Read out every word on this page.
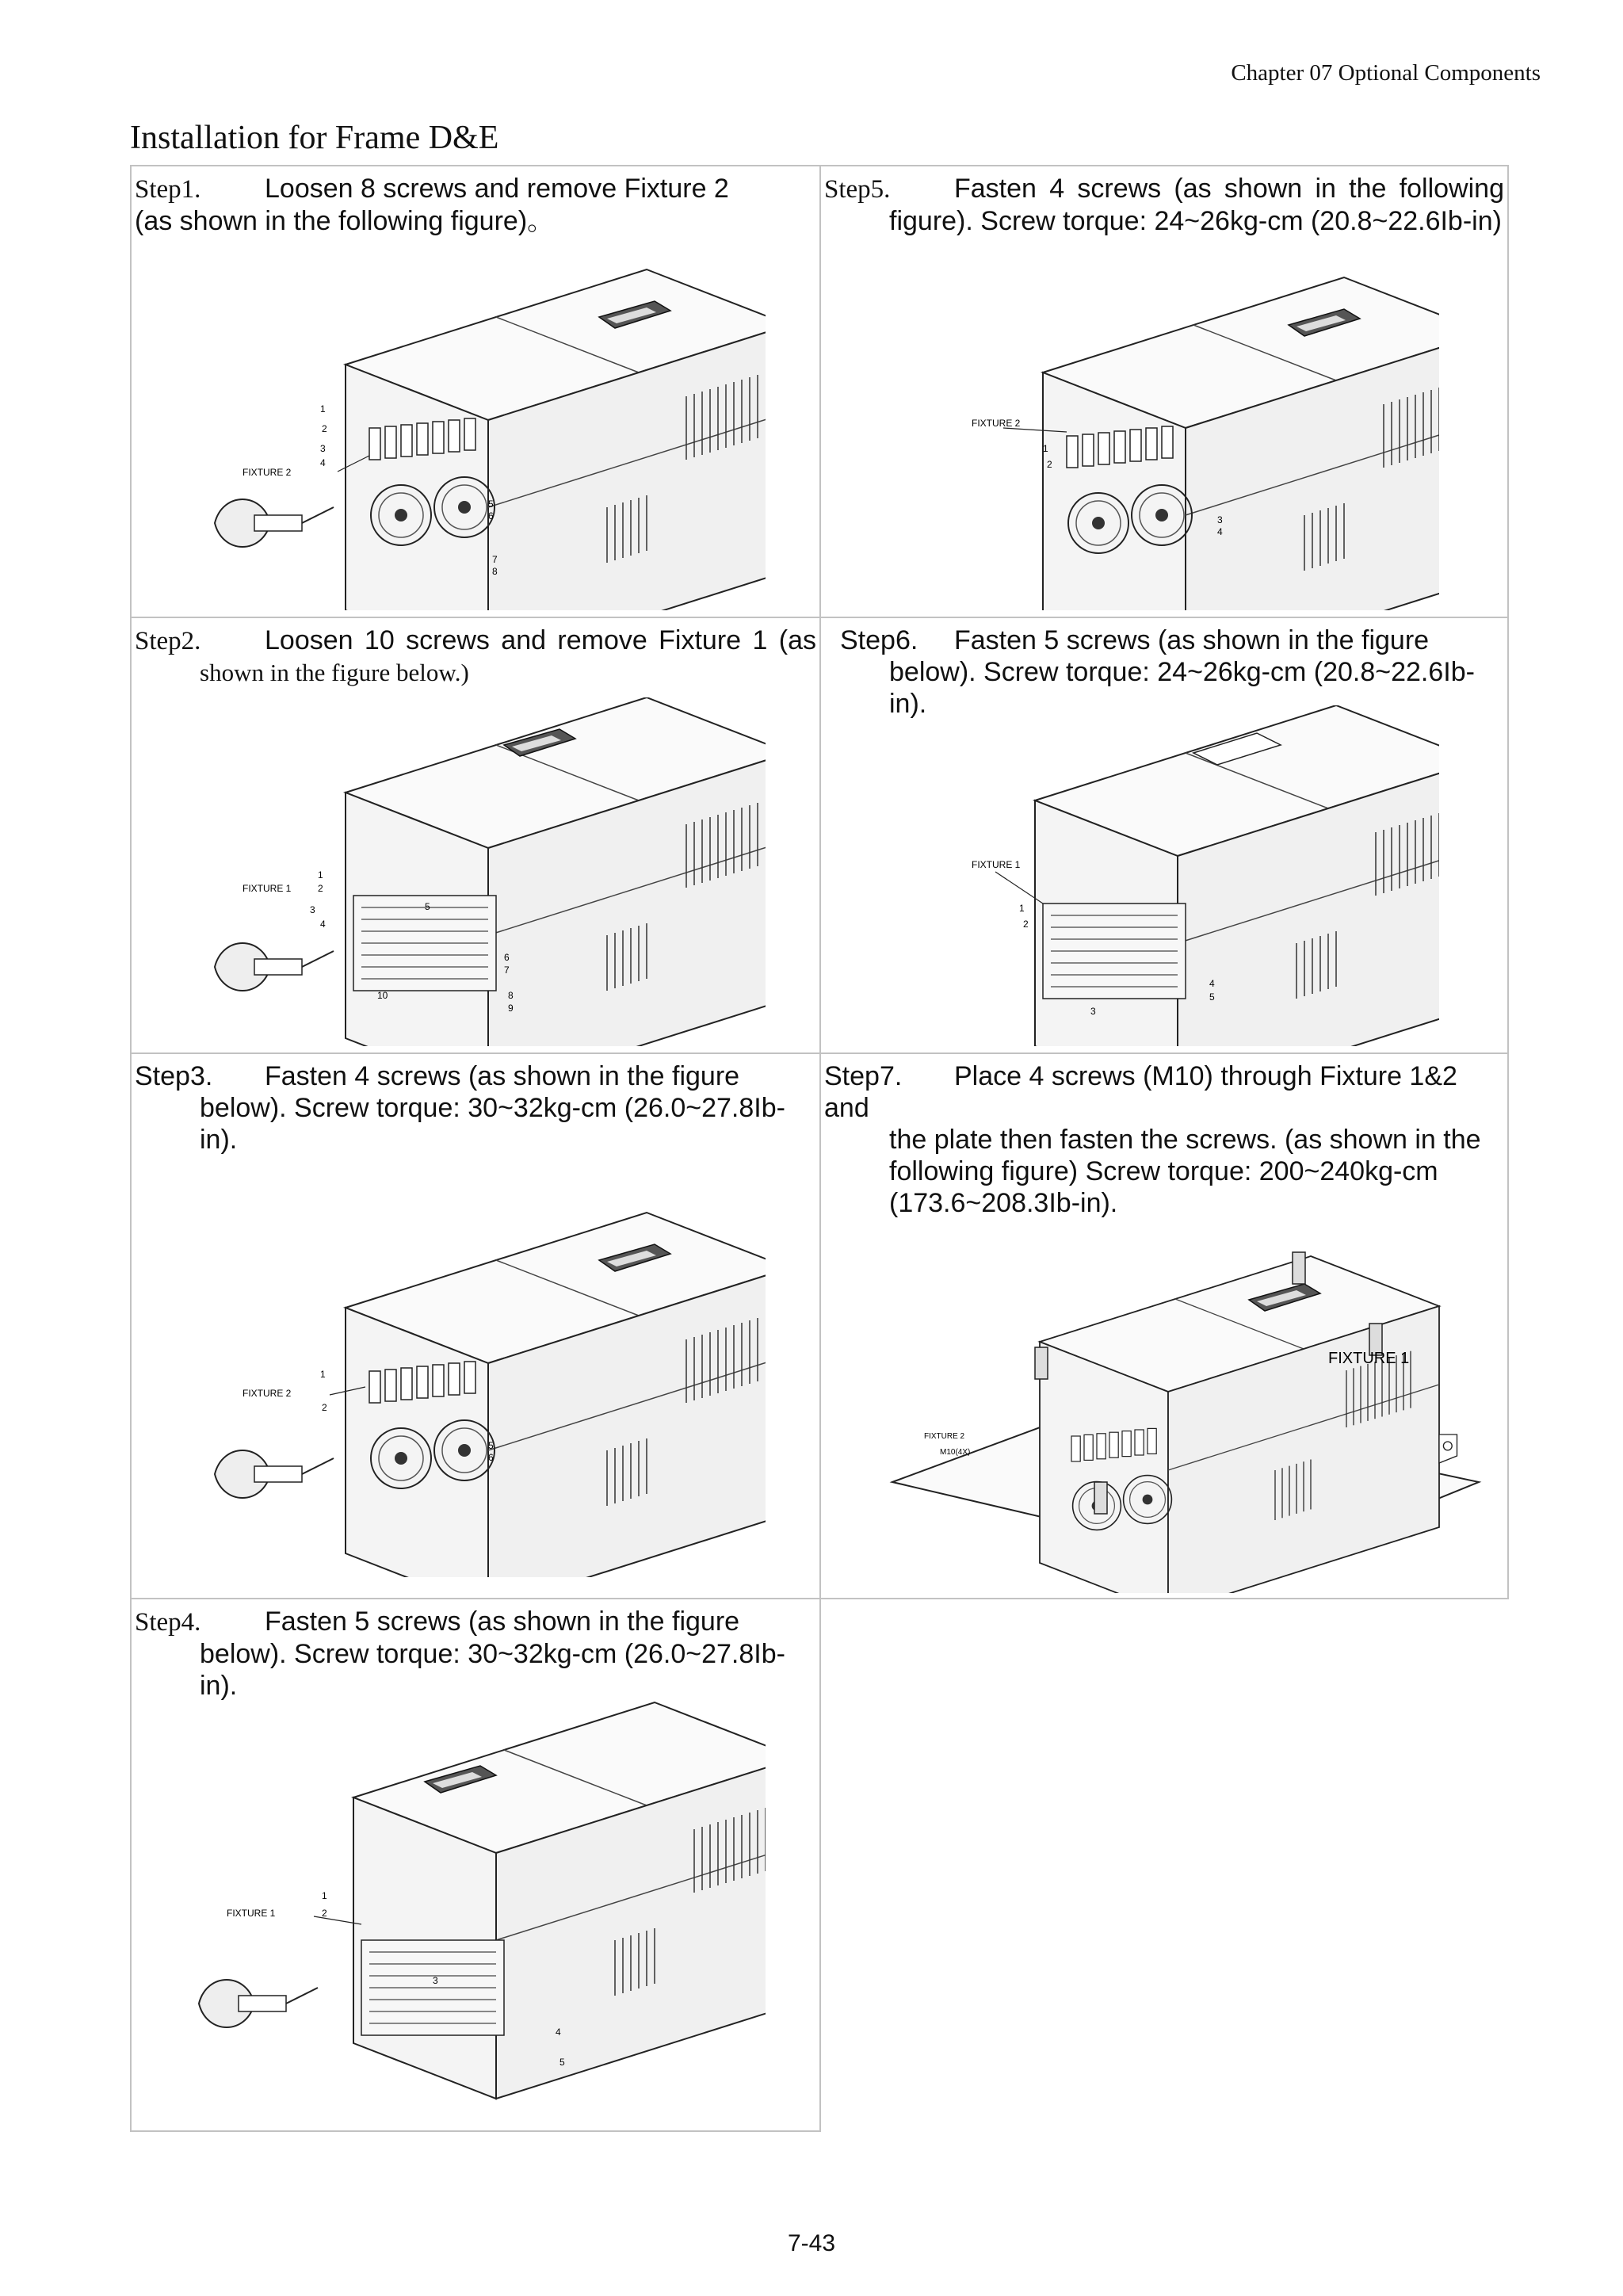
Chapter 07 Optional Components
Installation for Frame D&E
Step1. Loosen 8 screws and remove Fixture 2
(as shown in the following figure)。
FIXTURE 2
1
2
3
4
5
6
7
8
Step5. Fasten 4 screws (as shown in the following
figure). Screw torque: 24~26kg-cm (20.8~22.6Ib-in)
FIXTURE 2
1
2
3
4
Step2. Loosen 10 screws and remove Fixture 1 (as
shown in the figure below.)
FIXTURE 1
1
2
3
4
5
6
7
8
9
10
Step6. Fasten 5 screws (as shown in the figure
below). Screw torque: 24~26kg-cm (20.8~22.6Ib-in).
FIXTURE 1
1
2
3
4
5
Step3. Fasten 4 screws (as shown in the figure
below). Screw torque: 30~32kg-cm (26.0~27.8Ib-in).
FIXTURE 2
1
2
5
6
Step7. Place 4 screws (M10) through Fixture 1&2 and
the plate then fasten the screws. (as shown in the
following figure) Screw torque: 200~240kg-cm
(173.6~208.3Ib-in).
FIXTURE 1
FIXTURE 2
M10(4X)
Step4. Fasten 5 screws (as shown in the figure
below). Screw torque: 30~32kg-cm (26.0~27.8Ib-in).
FIXTURE 1
1
2
3
4
5
7-43
